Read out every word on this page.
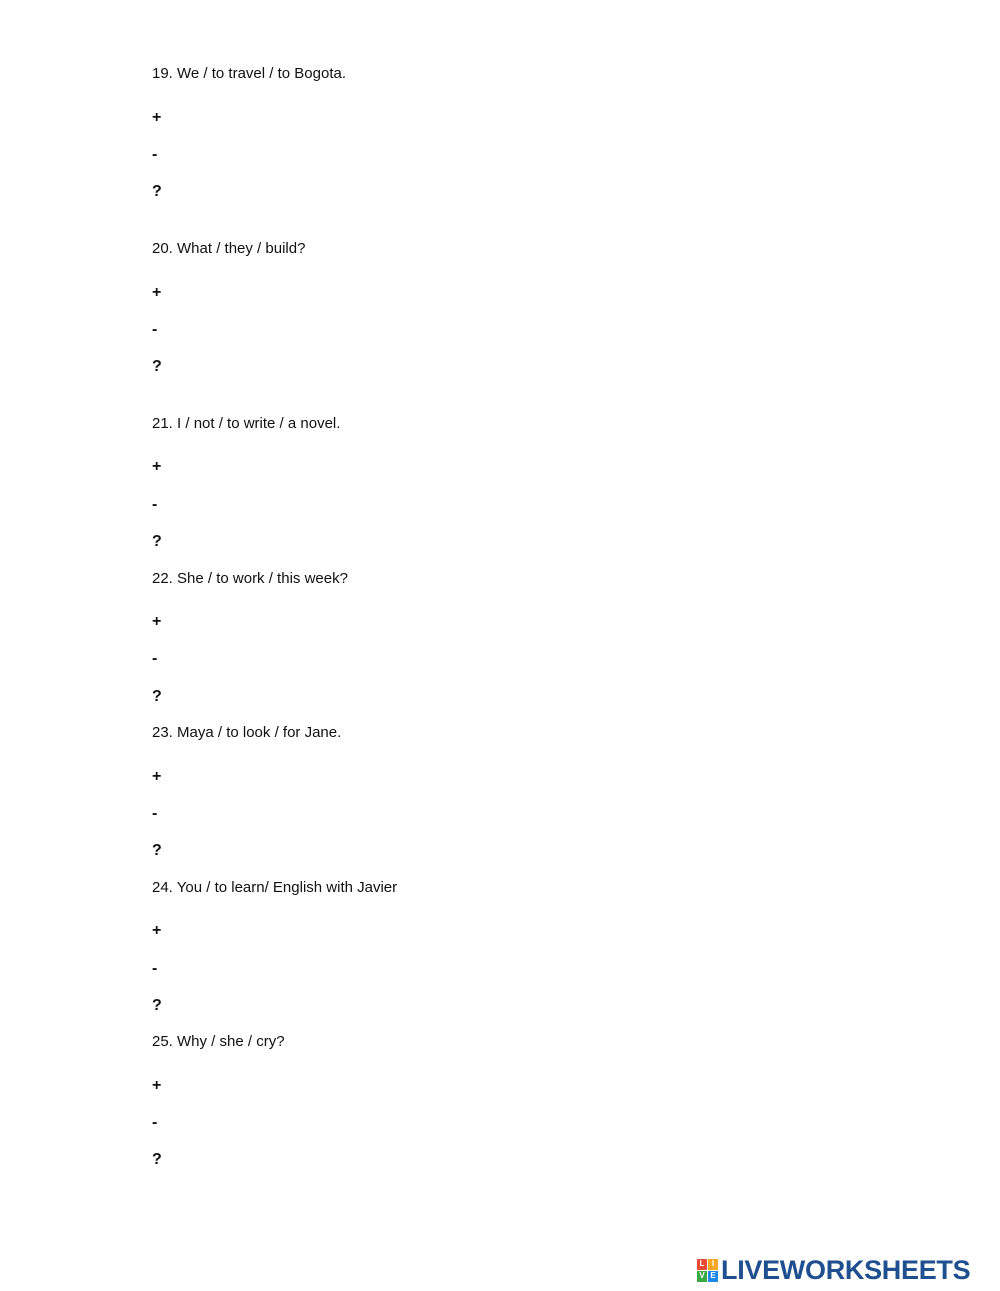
19. We / to travel / to Bogota.
+
-
?
20. What / they / build?
+
-
?
21. I / not / to write / a novel.
+
-
?
22. She / to work / this week?
+
-
?
23. Maya / to look / for Jane.
+
-
?
24. You / to learn/ English with Javier
+
-
?
25. Why / she / cry?
+
-
?
L I
V E LIVEWORKSHEETS
